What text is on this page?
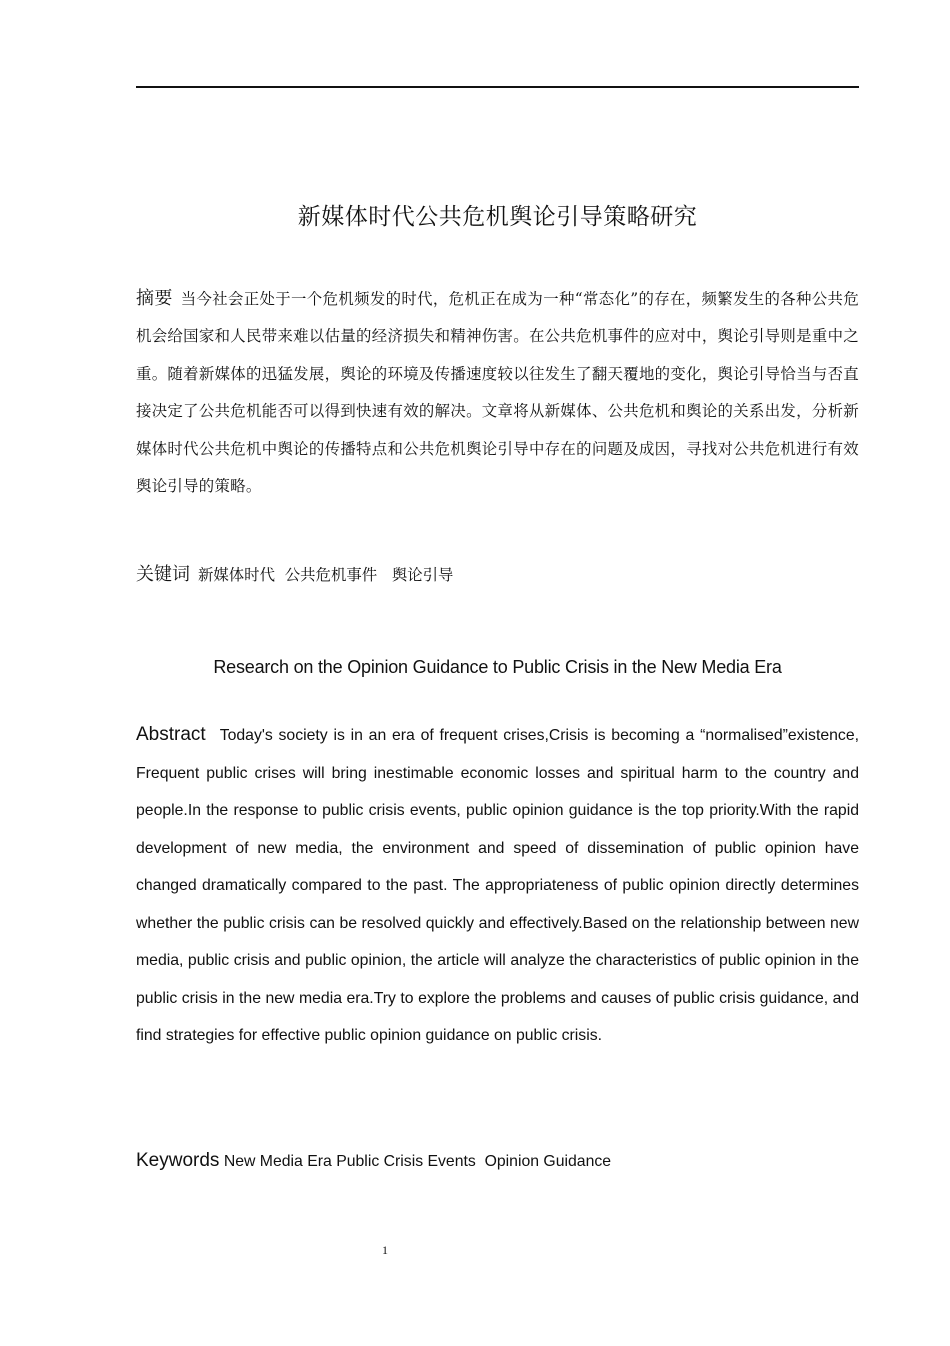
新媒体时代公共危机舆论引导策略研究
摘要 当今社会正处于一个危机频发的时代，危机正在成为一种“常态化”的存在，频繁发生的各种公共危机会给国家和人民带来难以估量的经济损失和精神伤害。在公共危机事件的应对中，舆论引导则是重中之重。随着新媒体的迅猛发展，舆论的环境及传播速度较以往发生了翻天覆地的变化，舆论引导恰当与否直接决定了公共危机能否可以得到快速有效的解决。文章将从新媒体、公共危机和舆论的关系出发，分析新媒体时代公共危机中舆论的传播特点和公共危机舆论引导中存在的问题及成因，寻找对公共危机进行有效舆论引导的策略。
关键词 新媒体时代 公共危机事件 舆论引导
Research on the Opinion Guidance to Public Crisis in the New Media Era
Abstract Today's society is in an era of frequent crises,Crisis is becoming a “normalised”existence, Frequent public crises will bring inestimable economic losses and spiritual harm to the country and people.In the response to public crisis events, public opinion guidance is the top priority.With the rapid development of new media, the environment and speed of dissemination of public opinion have changed dramatically compared to the past. The appropriateness of public opinion directly determines whether the public crisis can be resolved quickly and effectively.Based on the relationship between new media, public crisis and public opinion, the article will analyze the characteristics of public opinion in the public crisis in the new media era.Try to explore the problems and causes of public crisis guidance, and find strategies for effective public opinion guidance on public crisis.
Keywords New Media Era Public Crisis Events Opinion Guidance
1
